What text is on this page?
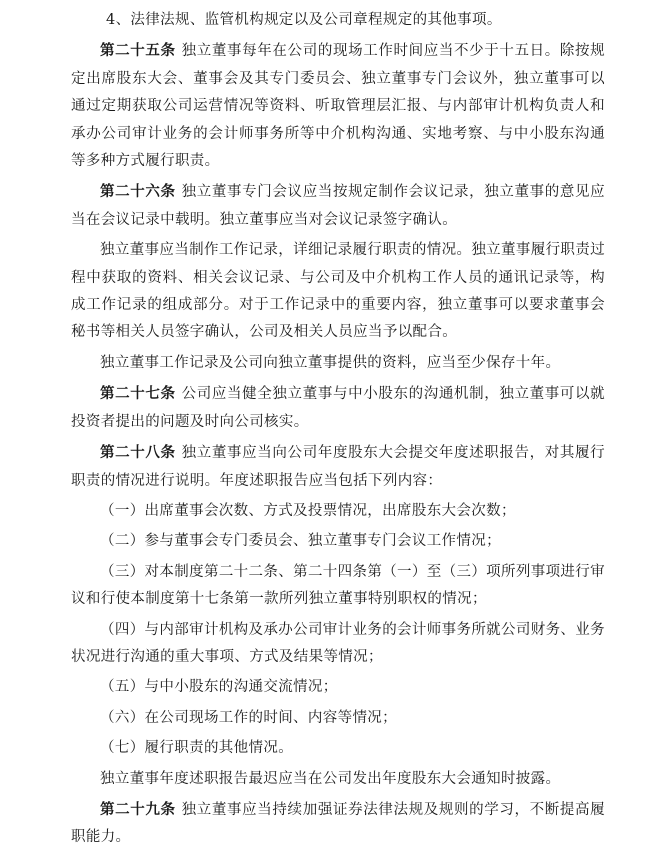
4、法律法规、监管机构规定以及公司章程规定的其他事项。

第二十五条 独立董事每年在公司的现场工作时间应当不少于十五日。除按规定出席股东大会、董事会及其专门委员会、独立董事专门会议外，独立董事可以通过定期获取公司运营情况等资料、听取管理层汇报、与内部审计机构负责人和承办公司审计业务的会计师事务所等中介机构沟通、实地考察、与中小股东沟通等多种方式履行职责。

第二十六条 独立董事专门会议应当按规定制作会议记录，独立董事的意见应当在会议记录中载明。独立董事应当对会议记录签字确认。

独立董事应当制作工作记录，详细记录履行职责的情况。独立董事履行职责过程中获取的资料、相关会议记录、与公司及中介机构工作人员的通讯记录等，构成工作记录的组成部分。对于工作记录中的重要内容，独立董事可以要求董事会秘书等相关人员签字确认，公司及相关人员应当予以配合。

独立董事工作记录及公司向独立董事提供的资料，应当至少保存十年。

第二十七条 公司应当健全独立董事与中小股东的沟通机制，独立董事可以就投资者提出的问题及时向公司核实。

第二十八条 独立董事应当向公司年度股东大会提交年度述职报告，对其履行职责的情况进行说明。年度述职报告应当包括下列内容：

（一）出席董事会次数、方式及投票情况，出席股东大会次数；

（二）参与董事会专门委员会、独立董事专门会议工作情况；

（三）对本制度第二十二条、第二十四条第（一）至（三）项所列事项进行审议和行使本制度第十七条第一款所列独立董事特别职权的情况；

（四）与内部审计机构及承办公司审计业务的会计师事务所就公司财务、业务状况进行沟通的重大事项、方式及结果等情况；

（五）与中小股东的沟通交流情况；

（六）在公司现场工作的时间、内容等情况；

（七）履行职责的其他情况。

独立董事年度述职报告最迟应当在公司发出年度股东大会通知时披露。

第二十九条 独立董事应当持续加强证券法律法规及规则的学习，不断提高履职能力。
